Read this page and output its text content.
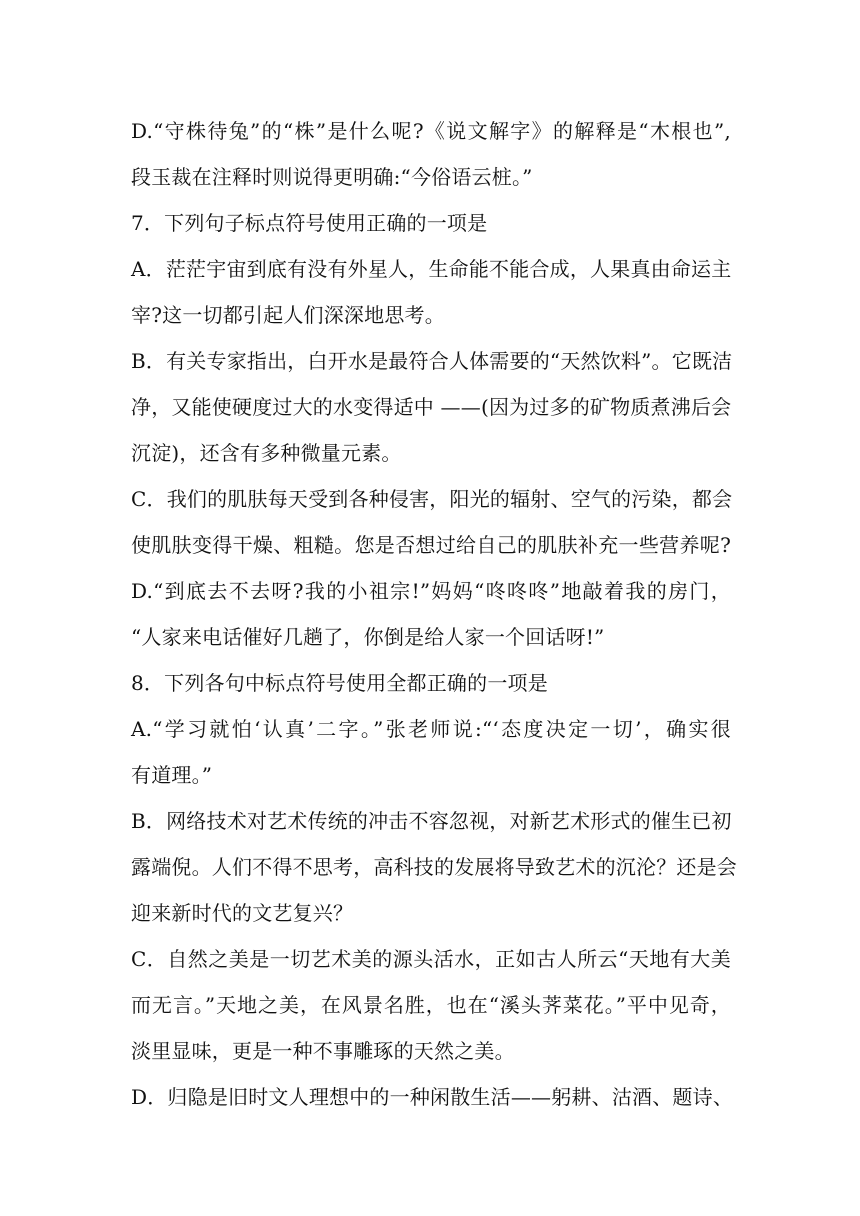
D.“守株待兔”的“株”是什么呢?《说文解字》的解释是“木根也”,
段玉裁在注释时则说得更明确:“今俗语云桩。”
7．下列句子标点符号使用正确的一项是
A．茫茫宇宙到底有没有外星人，生命能不能合成，人果真由命运主
宰?这一切都引起人们深深地思考。
B．有关专家指出，白开水是最符合人体需要的“天然饮料”。它既洁
净，又能使硬度过大的水变得适中 ——(因为过多的矿物质煮沸后会
沉淀)，还含有多种微量元素。
C．我们的肌肤每天受到各种侵害，阳光的辐射、空气的污染，都会
使肌肤变得干燥、粗糙。您是否想过给自己的肌肤补充一些营养呢?
D.“到底去不去呀?我的小祖宗!”妈妈“咚咚咚”地敲着我的房门，
“人家来电话催好几趟了，你倒是给人家一个回话呀!”
8．下列各句中标点符号使用全都正确的一项是
A.“学习就怕‘认真’二字。”张老师说:“‘态度决定一切’，确实很
有道理。”
B．网络技术对艺术传统的冲击不容忽视，对新艺术形式的催生已初
露端倪。人们不得不思考，高科技的发展将导致艺术的沉沦？还是会
迎来新时代的文艺复兴？
C．自然之美是一切艺术美的源头活水，正如古人所云“天地有大美
而无言。”天地之美，在风景名胜，也在“溪头荠菜花。”平中见奇，
淡里显味，更是一种不事雕琢的天然之美。
D．归隐是旧时文人理想中的一种闲散生活——躬耕、沽酒、题诗、
